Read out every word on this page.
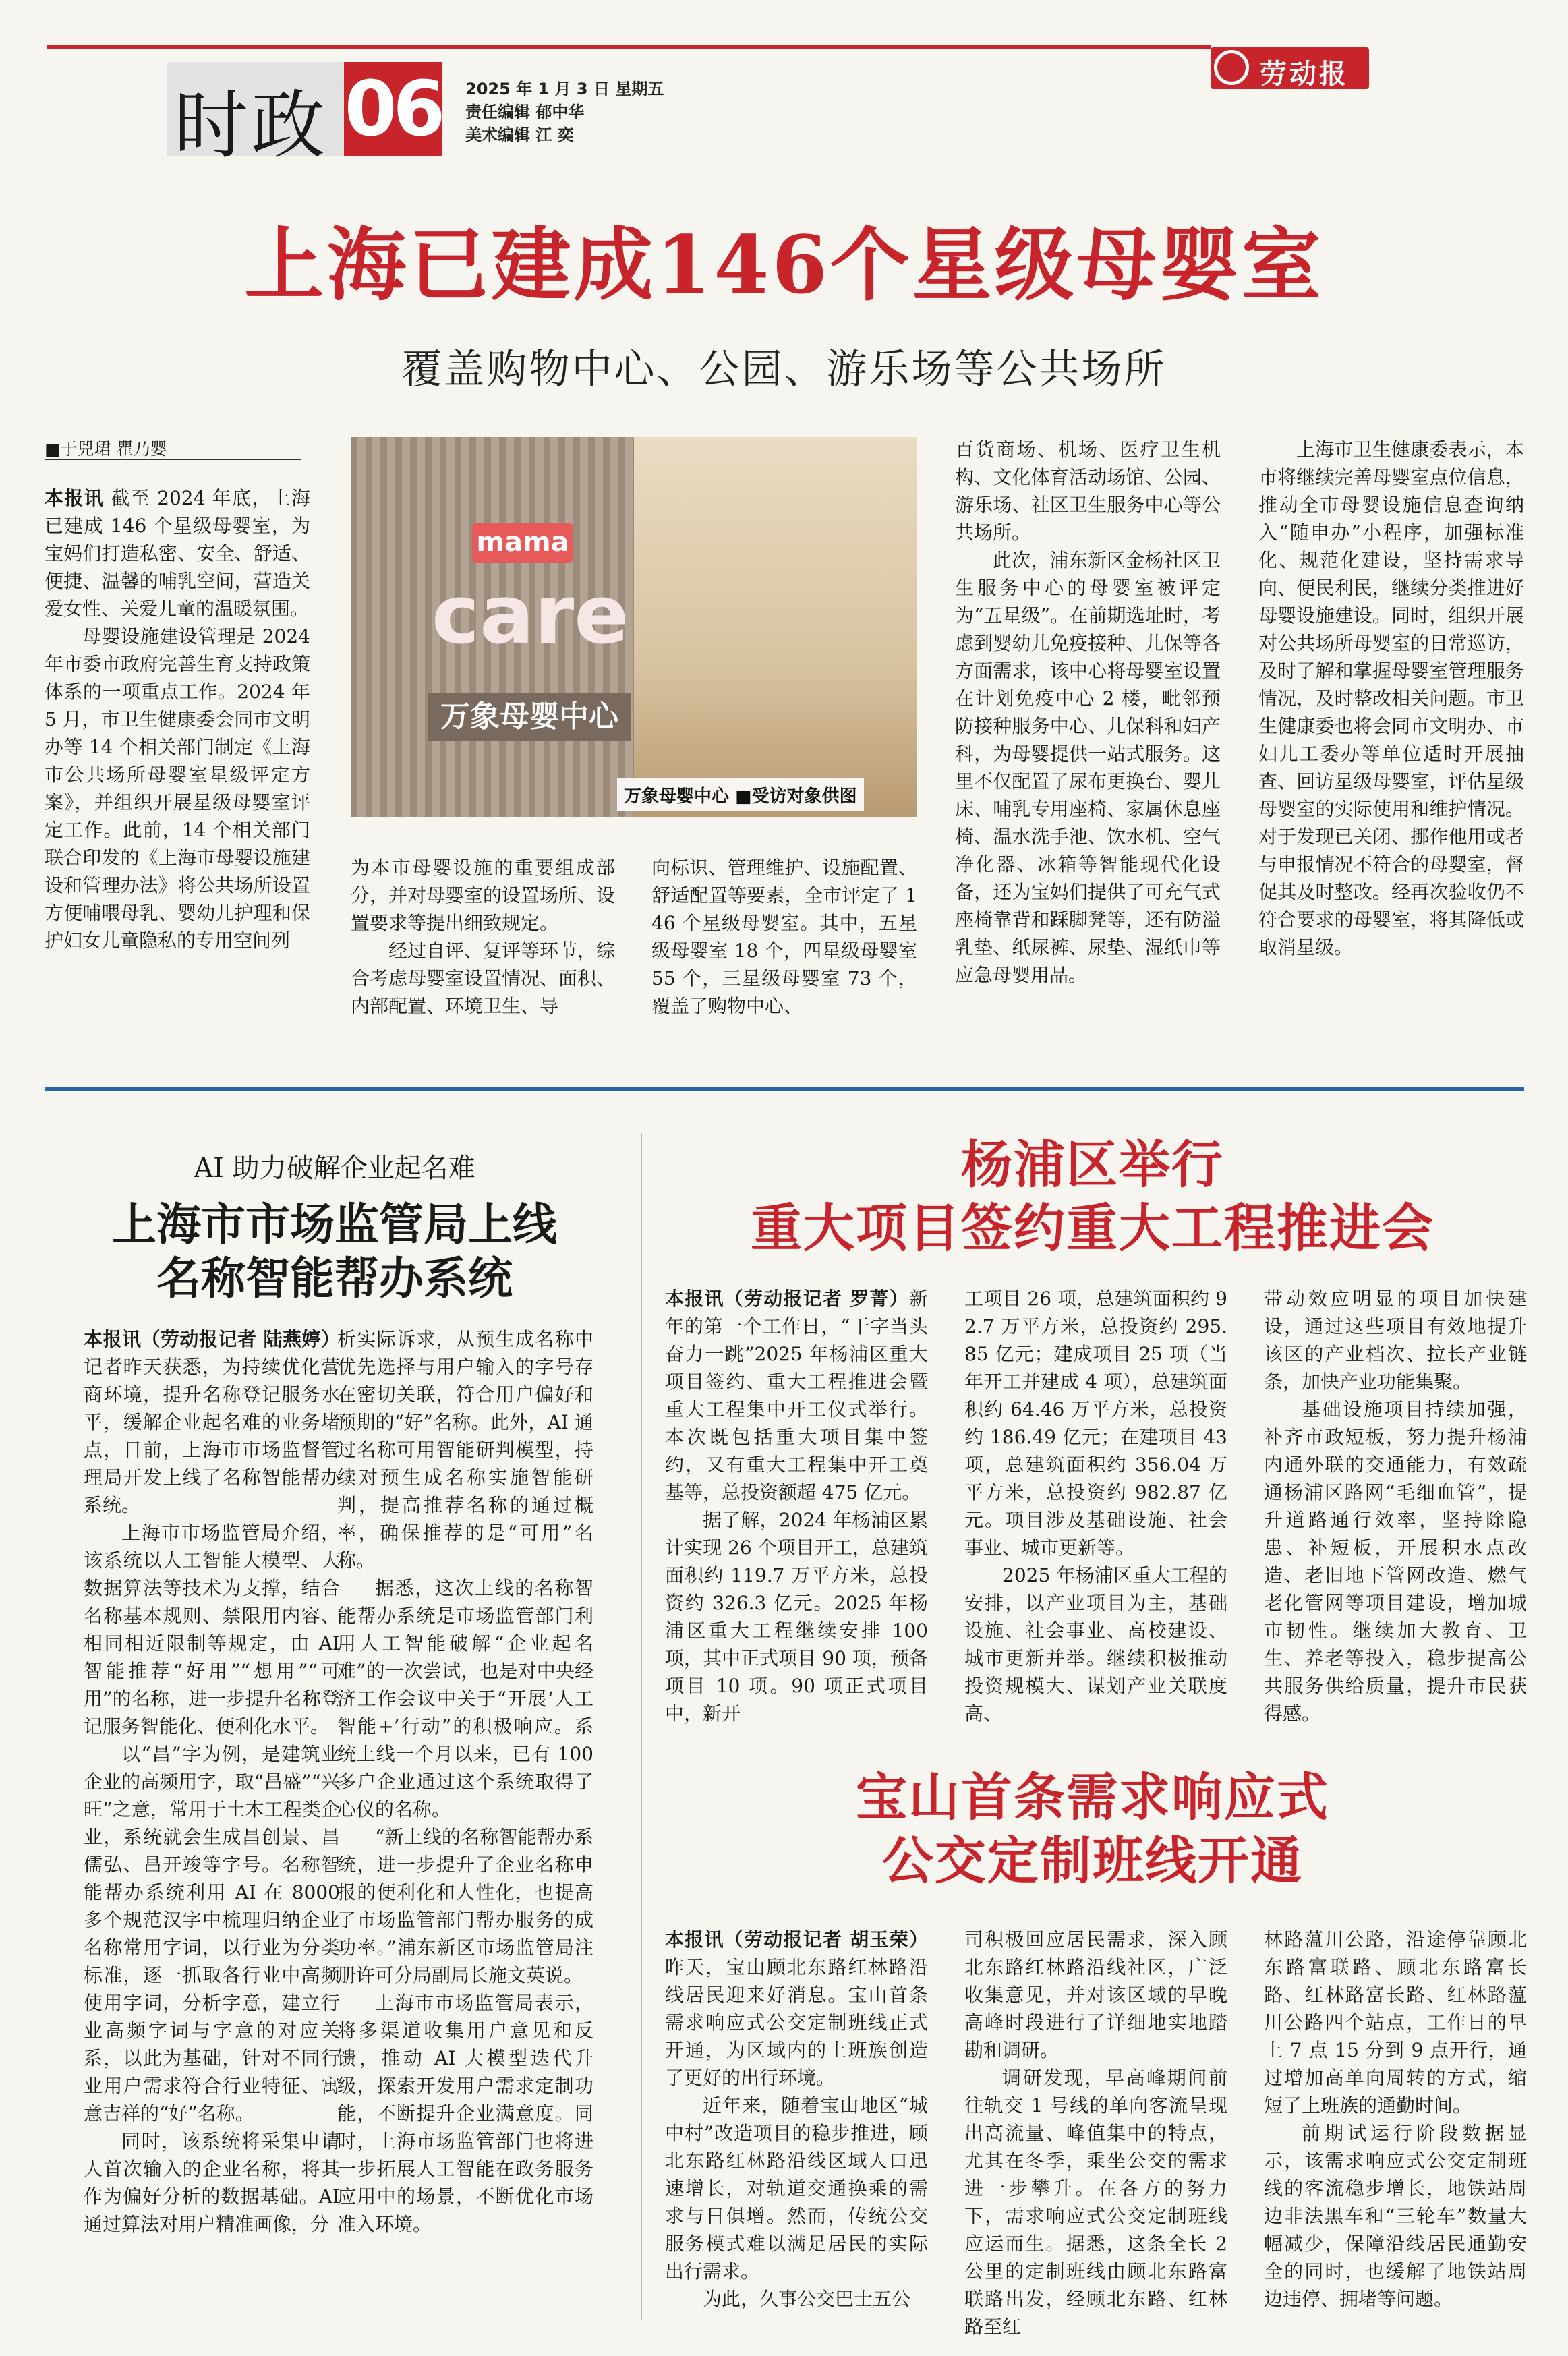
时政 06 2025 年 1 月 3 日 星期五
责任编辑 郁中华
美术编辑 江 奕
劳动报
上海已建成146个星级母婴室
覆盖购物中心、公园、游乐场等公共场所
■于兕珺 瞿乃婴

本报讯 截至 2024 年底，上海已建成 146 个星级母婴室，为宝妈们打造私密、安全、舒适、便捷、温馨的哺乳空间，营造关爱女性、关爱儿童的温暖氛围。

母婴设施建设管理是 2024 年市委市政府完善生育支持政策体系的一项重点工作。2024 年 5 月，市卫生健康委会同市文明办等 14 个相关部门制定《上海市公共场所母婴室星级评定方案》，并组织开展星级母婴室评定工作。此前，14 个相关部门联合印发的《上海市母婴设施建设和管理办法》将公共场所设置方便哺喂母乳、婴幼儿护理和保护妇女儿童隐私的专用空间列

mama
care
万象母婴中心
万象母婴中心 ■受访对象供图

为本市母婴设施的重要组成部分，并对母婴室的设置场所、设置要求等提出细致规定。

经过自评、复评等环节，综合考虑母婴室设置情况、面积、内部配置、环境卫生、导

向标识、管理维护、设施配置、舒适配置等要素，全市评定了 146 个星级母婴室。其中，五星级母婴室 18 个，四星级母婴室 55 个，三星级母婴室 73 个，覆盖了购物中心、

百货商场、机场、医疗卫生机构、文化体育活动场馆、公园、游乐场、社区卫生服务中心等公共场所。

此次，浦东新区金杨社区卫生服务中心的母婴室被评定为“五星级”。在前期选址时，考虑到婴幼儿免疫接种、儿保等各方面需求，该中心将母婴室设置在计划免疫中心 2 楼，毗邻预防接种服务中心、儿保科和妇产科，为母婴提供一站式服务。这里不仅配置了尿布更换台、婴儿床、哺乳专用座椅、家属休息座椅、温水洗手池、饮水机、空气净化器、冰箱等智能现代化设备，还为宝妈们提供了可充气式座椅靠背和踩脚凳等，还有防溢乳垫、纸尿裤、尿垫、湿纸巾等应急母婴用品。

上海市卫生健康委表示，本市将继续完善母婴室点位信息，推动全市母婴设施信息查询纳入“随申办”小程序，加强标准化、规范化建设，坚持需求导向、便民利民，继续分类推进好母婴设施建设。同时，组织开展对公共场所母婴室的日常巡访，及时了解和掌握母婴室管理服务情况，及时整改相关问题。市卫生健康委也将会同市文明办、市妇儿工委办等单位适时开展抽查、回访星级母婴室，评估星级母婴室的实际使用和维护情况。对于发现已关闭、挪作他用或者与申报情况不符合的母婴室，督促其及时整改。经再次验收仍不符合要求的母婴室，将其降低或取消星级。

AI 助力破解企业起名难
上海市市场监管局上线
名称智能帮办系统

本报讯（劳动报记者 陆燕婷）记者昨天获悉，为持续优化营商环境，提升名称登记服务水平，缓解企业起名难的业务堵点，日前，上海市市场监督管理局开发上线了名称智能帮办系统。

上海市市场监管局介绍，该系统以人工智能大模型、大数据算法等技术为支撑，结合名称基本规则、禁限用内容、相同相近限制等规定，由 AI 智能推荐“好用”“想用”“可用”的名称，进一步提升名称登记服务智能化、便利化水平。

以“昌”字为例，是建筑业企业的高频用字，取“昌盛”“兴旺”之意，常用于土木工程类企业，系统就会生成昌创景、昌儒弘、昌开竣等字号。名称智能帮办系统利用 AI 在 8000 多个规范汉字中梳理归纳企业名称常用字词，以行业为分类标准，逐一抓取各行业中高频使用字词，分析字意，建立行业高频字词与字意的对应关系，以此为基础，针对不同行业用户需求符合行业特征、寓意吉祥的“好”名称。

同时，该系统将采集申请人首次输入的企业名称，将其作为偏好分析的数据基础。AI 通过算法对用户精准画像，分

析实际诉求，从预生成名称中优先选择与用户输入的字号存在密切关联，符合用户偏好和预期的“好”名称。此外，AI 通过名称可用智能研判模型，持续对预生成名称实施智能研判，提高推荐名称的通过概率，确保推荐的是“可用”名称。

据悉，这次上线的名称智能帮办系统是市场监管部门利用人工智能破解“企业起名难”的一次尝试，也是对中央经济工作会议中关于“开展‘人工智能+’行动”的积极响应。系统上线一个月以来，已有 100 多户企业通过这个系统取得了心仪的名称。

“新上线的名称智能帮办系统，进一步提升了企业名称申报的便利化和人性化，也提高了市场监管部门帮办服务的成功率。”浦东新区市场监管局注册许可分局副局长施文英说。

上海市市场监管局表示，将多渠道收集用户意见和反馈，推动 AI 大模型迭代升级，探索开发用户需求定制功能，不断提升企业满意度。同时，上海市场监管部门也将进一步拓展人工智能在政务服务应用中的场景，不断优化市场准入环境。

杨浦区举行
重大项目签约重大工程推进会

本报讯（劳动报记者 罗菁）新年的第一个工作日，“干字当头 奋力一跳”2025 年杨浦区重大项目签约、重大工程推进会暨重大工程集中开工仪式举行。本次既包括重大项目集中签约，又有重大工程集中开工奠基等，总投资额超 475 亿元。

据了解，2024 年杨浦区累计实现 26 个项目开工，总建筑面积约 119.7 万平方米，总投资约 326.3 亿元。2025 年杨浦区重大工程继续安排 100 项，其中正式项目 90 项，预备项目 10 项。90 项正式项目中，新开

工项目 26 项，总建筑面积约 92.7 万平方米，总投资约 295.85 亿元；建成项目 25 项（当年开工并建成 4 项），总建筑面积约 64.46 万平方米，总投资约 186.49 亿元；在建项目 43 项，总建筑面积约 356.04 万平方米，总投资约 982.87 亿元。项目涉及基础设施、社会事业、城市更新等。

2025 年杨浦区重大工程的安排，以产业项目为主，基础设施、社会事业、高校建设、城市更新并举。继续积极推动投资规模大、谋划产业关联度高、

带动效应明显的项目加快建设，通过这些项目有效地提升该区的产业档次、拉长产业链条，加快产业功能集聚。

基础设施项目持续加强，补齐市政短板，努力提升杨浦内通外联的交通能力，有效疏通杨浦区路网“毛细血管”，提升道路通行效率，坚持除隐患、补短板，开展积水点改造、老旧地下管网改造、燃气老化管网等项目建设，增加城市韧性。继续加大教育、卫生、养老等投入，稳步提高公共服务供给质量，提升市民获得感。

宝山首条需求响应式
公交定制班线开通

本报讯（劳动报记者 胡玉荣）昨天，宝山顾北东路红林路沿线居民迎来好消息。宝山首条需求响应式公交定制班线正式开通，为区域内的上班族创造了更好的出行环境。

近年来，随着宝山地区“城中村”改造项目的稳步推进，顾北东路红林路沿线区域人口迅速增长，对轨道交通换乘的需求与日俱增。然而，传统公交服务模式难以满足居民的实际出行需求。

为此，久事公交巴士五公

司积极回应居民需求，深入顾北东路红林路沿线社区，广泛收集意见，并对该区域的早晚高峰时段进行了详细地实地踏勘和调研。

调研发现，早高峰期间前往轨交 1 号线的单向客流呈现出高流量、峰值集中的特点，尤其在冬季，乘坐公交的需求进一步攀升。在各方的努力下，需求响应式公交定制班线应运而生。据悉，这条全长 2 公里的定制班线由顾北东路富联路出发，经顾北东路、红林路至红

林路蕰川公路，沿途停靠顾北东路富联路、顾北东路富长路、红林路富长路、红林路蕰川公路四个站点，工作日的早上 7 点 15 分到 9 点开行，通过增加高单向周转的方式，缩短了上班族的通勤时间。

前期试运行阶段数据显示，该需求响应式公交定制班线的客流稳步增长，地铁站周边非法黑车和“三轮车”数量大幅减少，保障沿线居民通勤安全的同时，也缓解了地铁站周边违停、拥堵等问题。
